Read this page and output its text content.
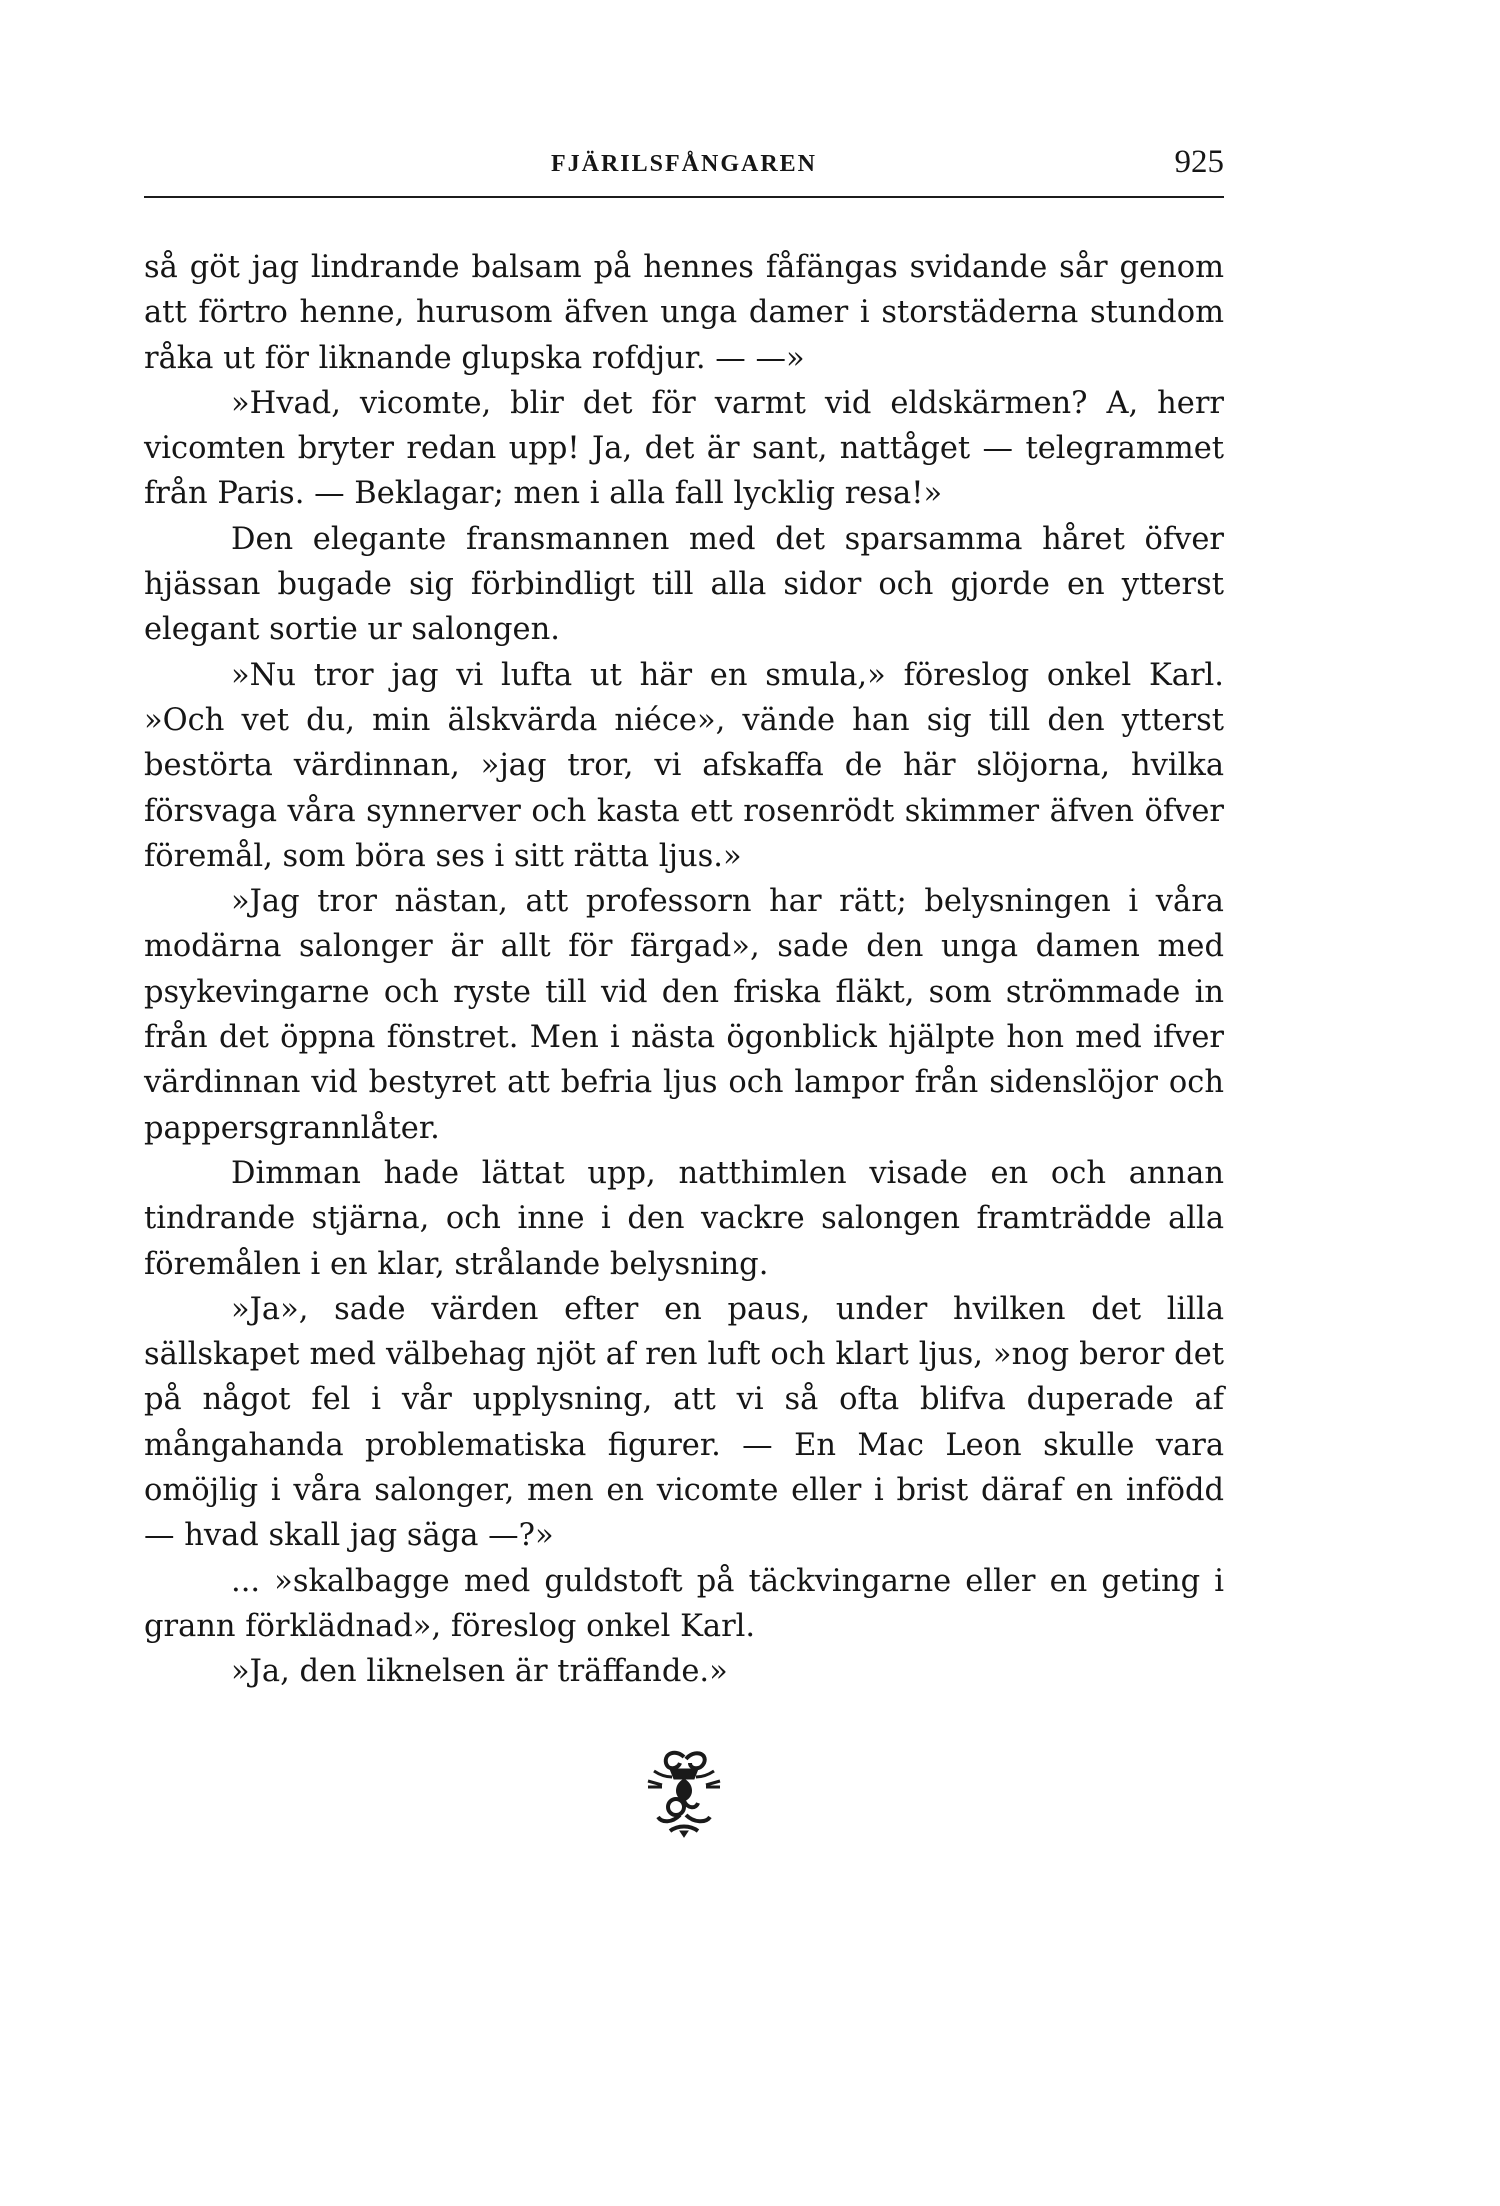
FJÄRILSFÅNGAREN	925

så göt jag lindrande balsam på hennes fåfängas svidande sår genom att förtro henne, hurusom äfven unga damer i storstäderna stundom råka ut för liknande glupska rofdjur. — —»

»Hvad, vicomte, blir det för varmt vid eldskärmen? A, herr vicomten bryter redan upp! Ja, det är sant, nattåget — telegrammet från Paris. — Beklagar; men i alla fall lycklig resa!»

Den elegante fransmannen med det sparsamma håret öfver hjässan bugade sig förbindligt till alla sidor och gjorde en ytterst elegant sortie ur salongen.

»Nu tror jag vi lufta ut här en smula,» föreslog onkel Karl. »Och vet du, min älskvärda niéce», vände han sig till den ytterst bestörta värdinnan, »jag tror, vi afskaffa de här slöjorna, hvilka försvaga våra synnerver och kasta ett rosenrödt skimmer äfven öfver föremål, som böra ses i sitt rätta ljus.»

»Jag tror nästan, att professorn har rätt; belysningen i våra modärna salonger är allt för färgad», sade den unga damen med psykevingarne och ryste till vid den friska fläkt, som strömmade in från det öppna fönstret. Men i nästa ögonblick hjälpte hon med ifver värdinnan vid bestyret att befria ljus och lampor från sidenslöjor och pappersgrannlåter.

Dimman hade lättat upp, natthimlen visade en och annan tindrande stjärna, och inne i den vackre salongen framträdde alla föremålen i en klar, strålande belysning.

»Ja», sade värden efter en paus, under hvilken det lilla sällskapet med välbehag njöt af ren luft och klart ljus, »nog beror det på något fel i vår upplysning, att vi så ofta blifva duperade af mångahanda problematiska figurer. — En Mac Leon skulle vara omöjlig i våra salonger, men en vicomte eller i brist däraf en infödd — hvad skall jag säga —?»

... »skalbagge med guldstoft på täckvingarne eller en geting i grann förklädnad», föreslog onkel Karl.

»Ja, den liknelsen är träffande.»
